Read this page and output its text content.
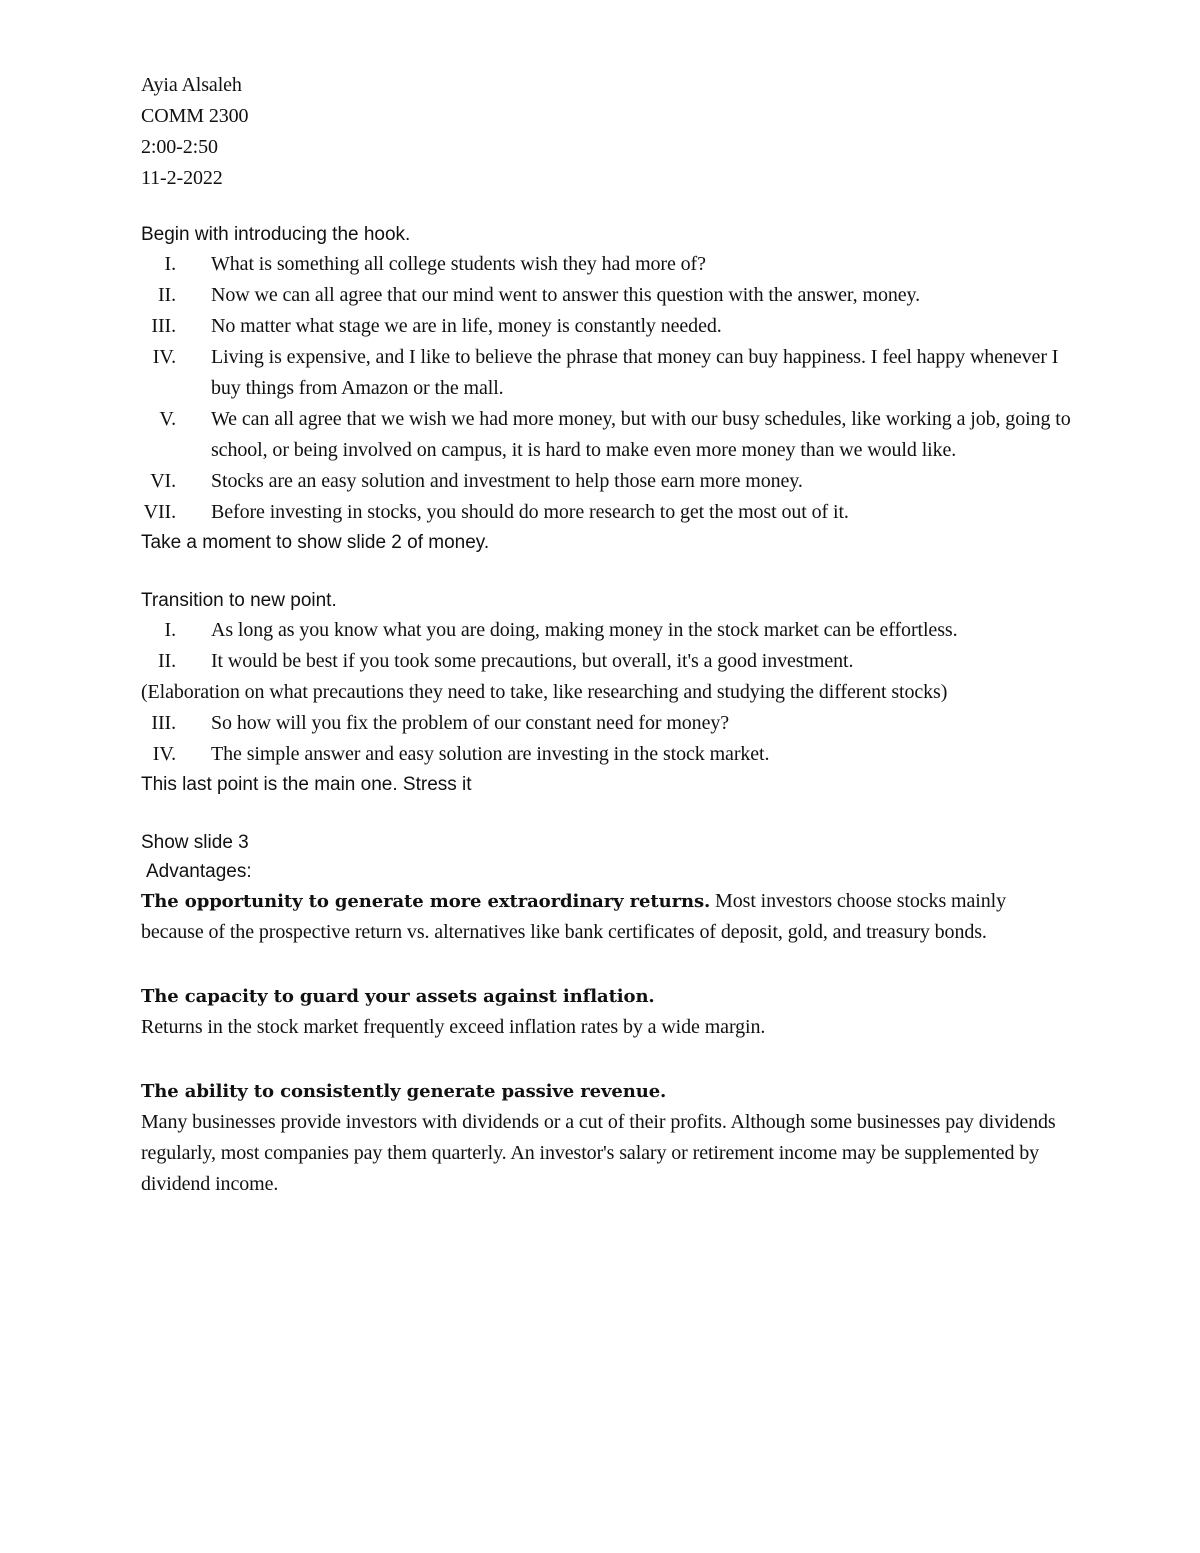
Ayia Alsaleh
COMM 2300
2:00-2:50
11-2-2022
Begin with introducing the hook.
I. What is something all college students wish they had more of?
II. Now we can all agree that our mind went to answer this question with the answer, money.
III. No matter what stage we are in life, money is constantly needed.
IV. Living is expensive, and I like to believe the phrase that money can buy happiness. I feel happy whenever I buy things from Amazon or the mall.
V. We can all agree that we wish we had more money, but with our busy schedules, like working a job, going to school, or being involved on campus, it is hard to make even more money than we would like.
VI. Stocks are an easy solution and investment to help those earn more money.
VII. Before investing in stocks, you should do more research to get the most out of it.
Take a moment to show slide 2 of money.
Transition to new point.
I. As long as you know what you are doing, making money in the stock market can be effortless.
II. It would be best if you took some precautions, but overall, it's a good investment.
(Elaboration on what precautions they need to take, like researching and studying the different stocks)
III. So how will you fix the problem of our constant need for money?
IV. The simple answer and easy solution are investing in the stock market.
This last point is the main one. Stress it
Show slide 3
Advantages:
The opportunity to generate more extraordinary returns. Most investors choose stocks mainly because of the prospective return vs. alternatives like bank certificates of deposit, gold, and treasury bonds.
The capacity to guard your assets against inflation.
Returns in the stock market frequently exceed inflation rates by a wide margin.
The ability to consistently generate passive revenue.
Many businesses provide investors with dividends or a cut of their profits. Although some businesses pay dividends regularly, most companies pay them quarterly. An investor's salary or retirement income may be supplemented by dividend income.
